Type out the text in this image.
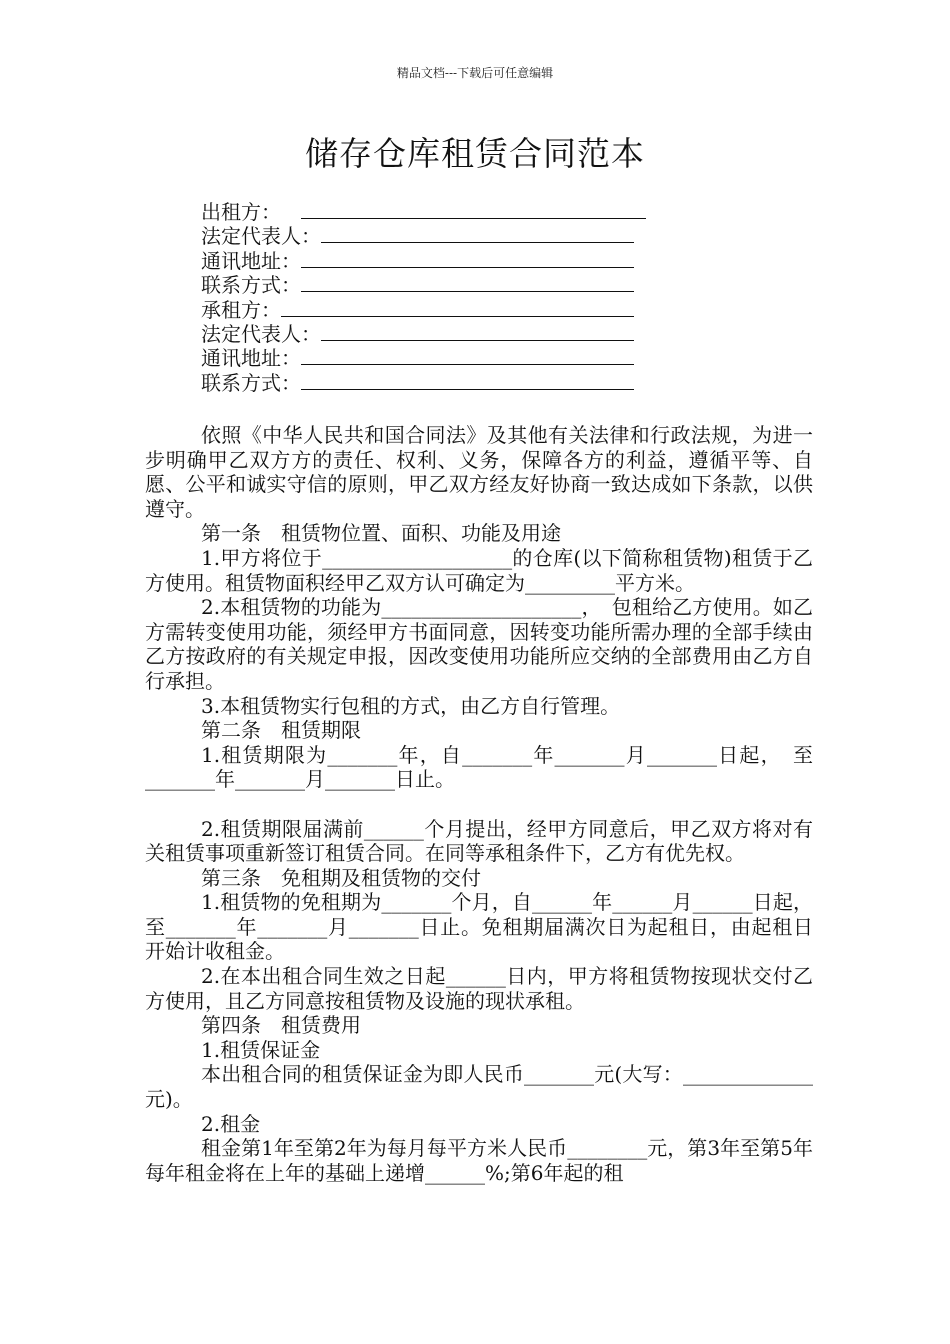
精品文档---下载后可任意编辑
储存仓库租赁合同范本
出租方：
法定代表人：
通讯地址：
联系方式：
承租方：
法定代表人：
通讯地址：
联系方式：

依照《中华人民共和国合同法》及其他有关法律和行政法规，为进一步明确甲乙双方方的责任、权利、义务，保障各方的利益，遵循平等、自愿、公平和诚实守信的原则，甲乙双方经友好协商一致达成如下条款，以供遵守。

第一条　租赁物位置、面积、功能及用途

1.甲方将位于___________________的仓库(以下简称租赁物)租赁于乙方使用。租赁物面积经甲乙双方认可确定为_________平方米。

2.本租赁物的功能为____________________，　包租给乙方使用。如乙方需转变使用功能，须经甲方书面同意，因转变功能所需办理的全部手续由乙方按政府的有关规定申报，因改变使用功能所应交纳的全部费用由乙方自行承担。

3.本租赁物实行包租的方式，由乙方自行管理。

第二条　租赁期限

1.租赁期限为_______年，自_______年_______月_______日起，　至_______年_______月_______日止。

2.租赁期限届满前______个月提出，经甲方同意后，甲乙双方将对有关租赁事项重新签订租赁合同。在同等承租条件下，乙方有优先权。

第三条　免租期及租赁物的交付

1.租赁物的免租期为_______个月，自______年______月______日起，至_______年_______月_______日止。免租期届满次日为起租日，由起租日开始计收租金。

2.在本出租合同生效之日起______日内，甲方将租赁物按现状交付乙方使用，且乙方同意按租赁物及设施的现状承租。

第四条　租赁费用

1.租赁保证金

本出租合同的租赁保证金为即人民币_______元(大写：_____________元)。

2.租金

租金第1年至第2年为每月每平方米人民币________元，第3年至第5年每年租金将在上年的基础上递增______%;第6年起的租
